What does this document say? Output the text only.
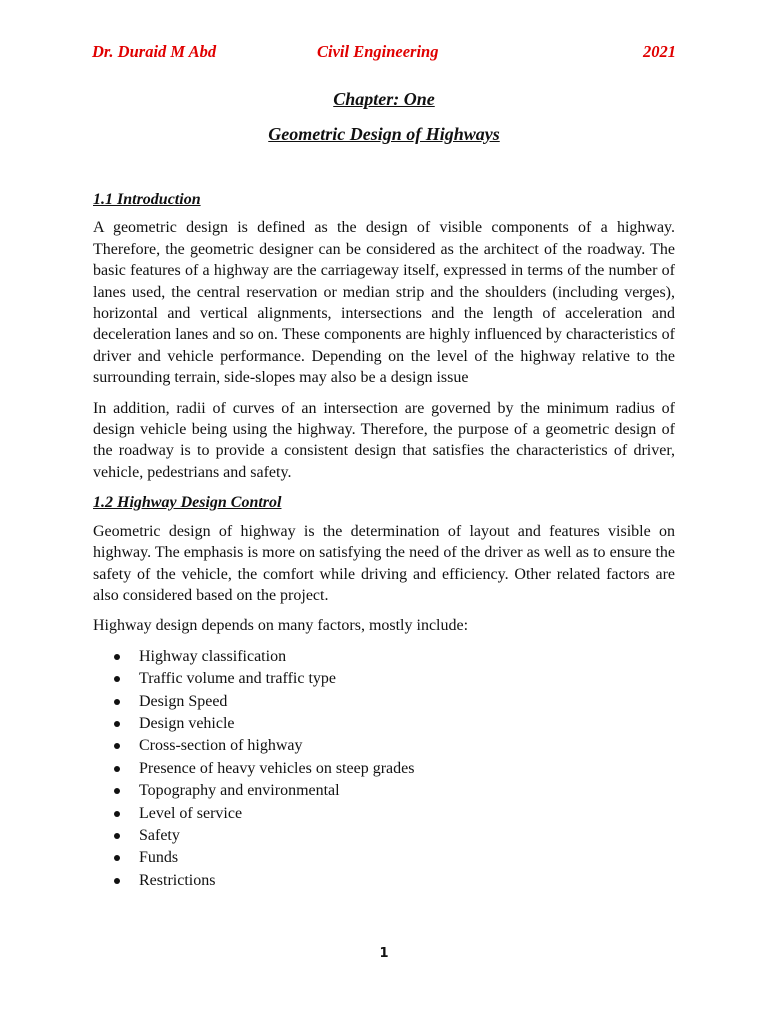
Dr. Duraid M Abd	Civil Engineering	2021
Chapter: One
Geometric Design of Highways
1.1 Introduction

A geometric design is defined as the design of visible components of a highway. Therefore, the geometric designer can be considered as the architect of the roadway. The basic features of a highway are the carriageway itself, expressed in terms of the number of lanes used, the central reservation or median strip and the shoulders (including verges), horizontal and vertical alignments, intersections and the length of acceleration and deceleration lanes and so on. These components are highly influenced by characteristics of driver and vehicle performance. Depending on the level of the highway relative to the surrounding terrain, side-slopes may also be a design issue

In addition, radii of curves of an intersection are governed by the minimum radius of design vehicle being using the highway. Therefore, the purpose of a geometric design of the roadway is to provide a consistent design that satisfies the characteristics of driver, vehicle, pedestrians and safety.

1.2 Highway Design Control

Geometric design of highway is the determination of layout and features visible on highway. The emphasis is more on satisfying the need of the driver as well as to ensure the safety of the vehicle, the comfort while driving and efficiency. Other related factors are also considered based on the project.

Highway design depends on many factors, mostly include:

Highway classification
Traffic volume and traffic type
Design Speed
Design vehicle
Cross-section of highway
Presence of heavy vehicles on steep grades
Topography and environmental
Level of service
Safety
Funds
Restrictions
1
